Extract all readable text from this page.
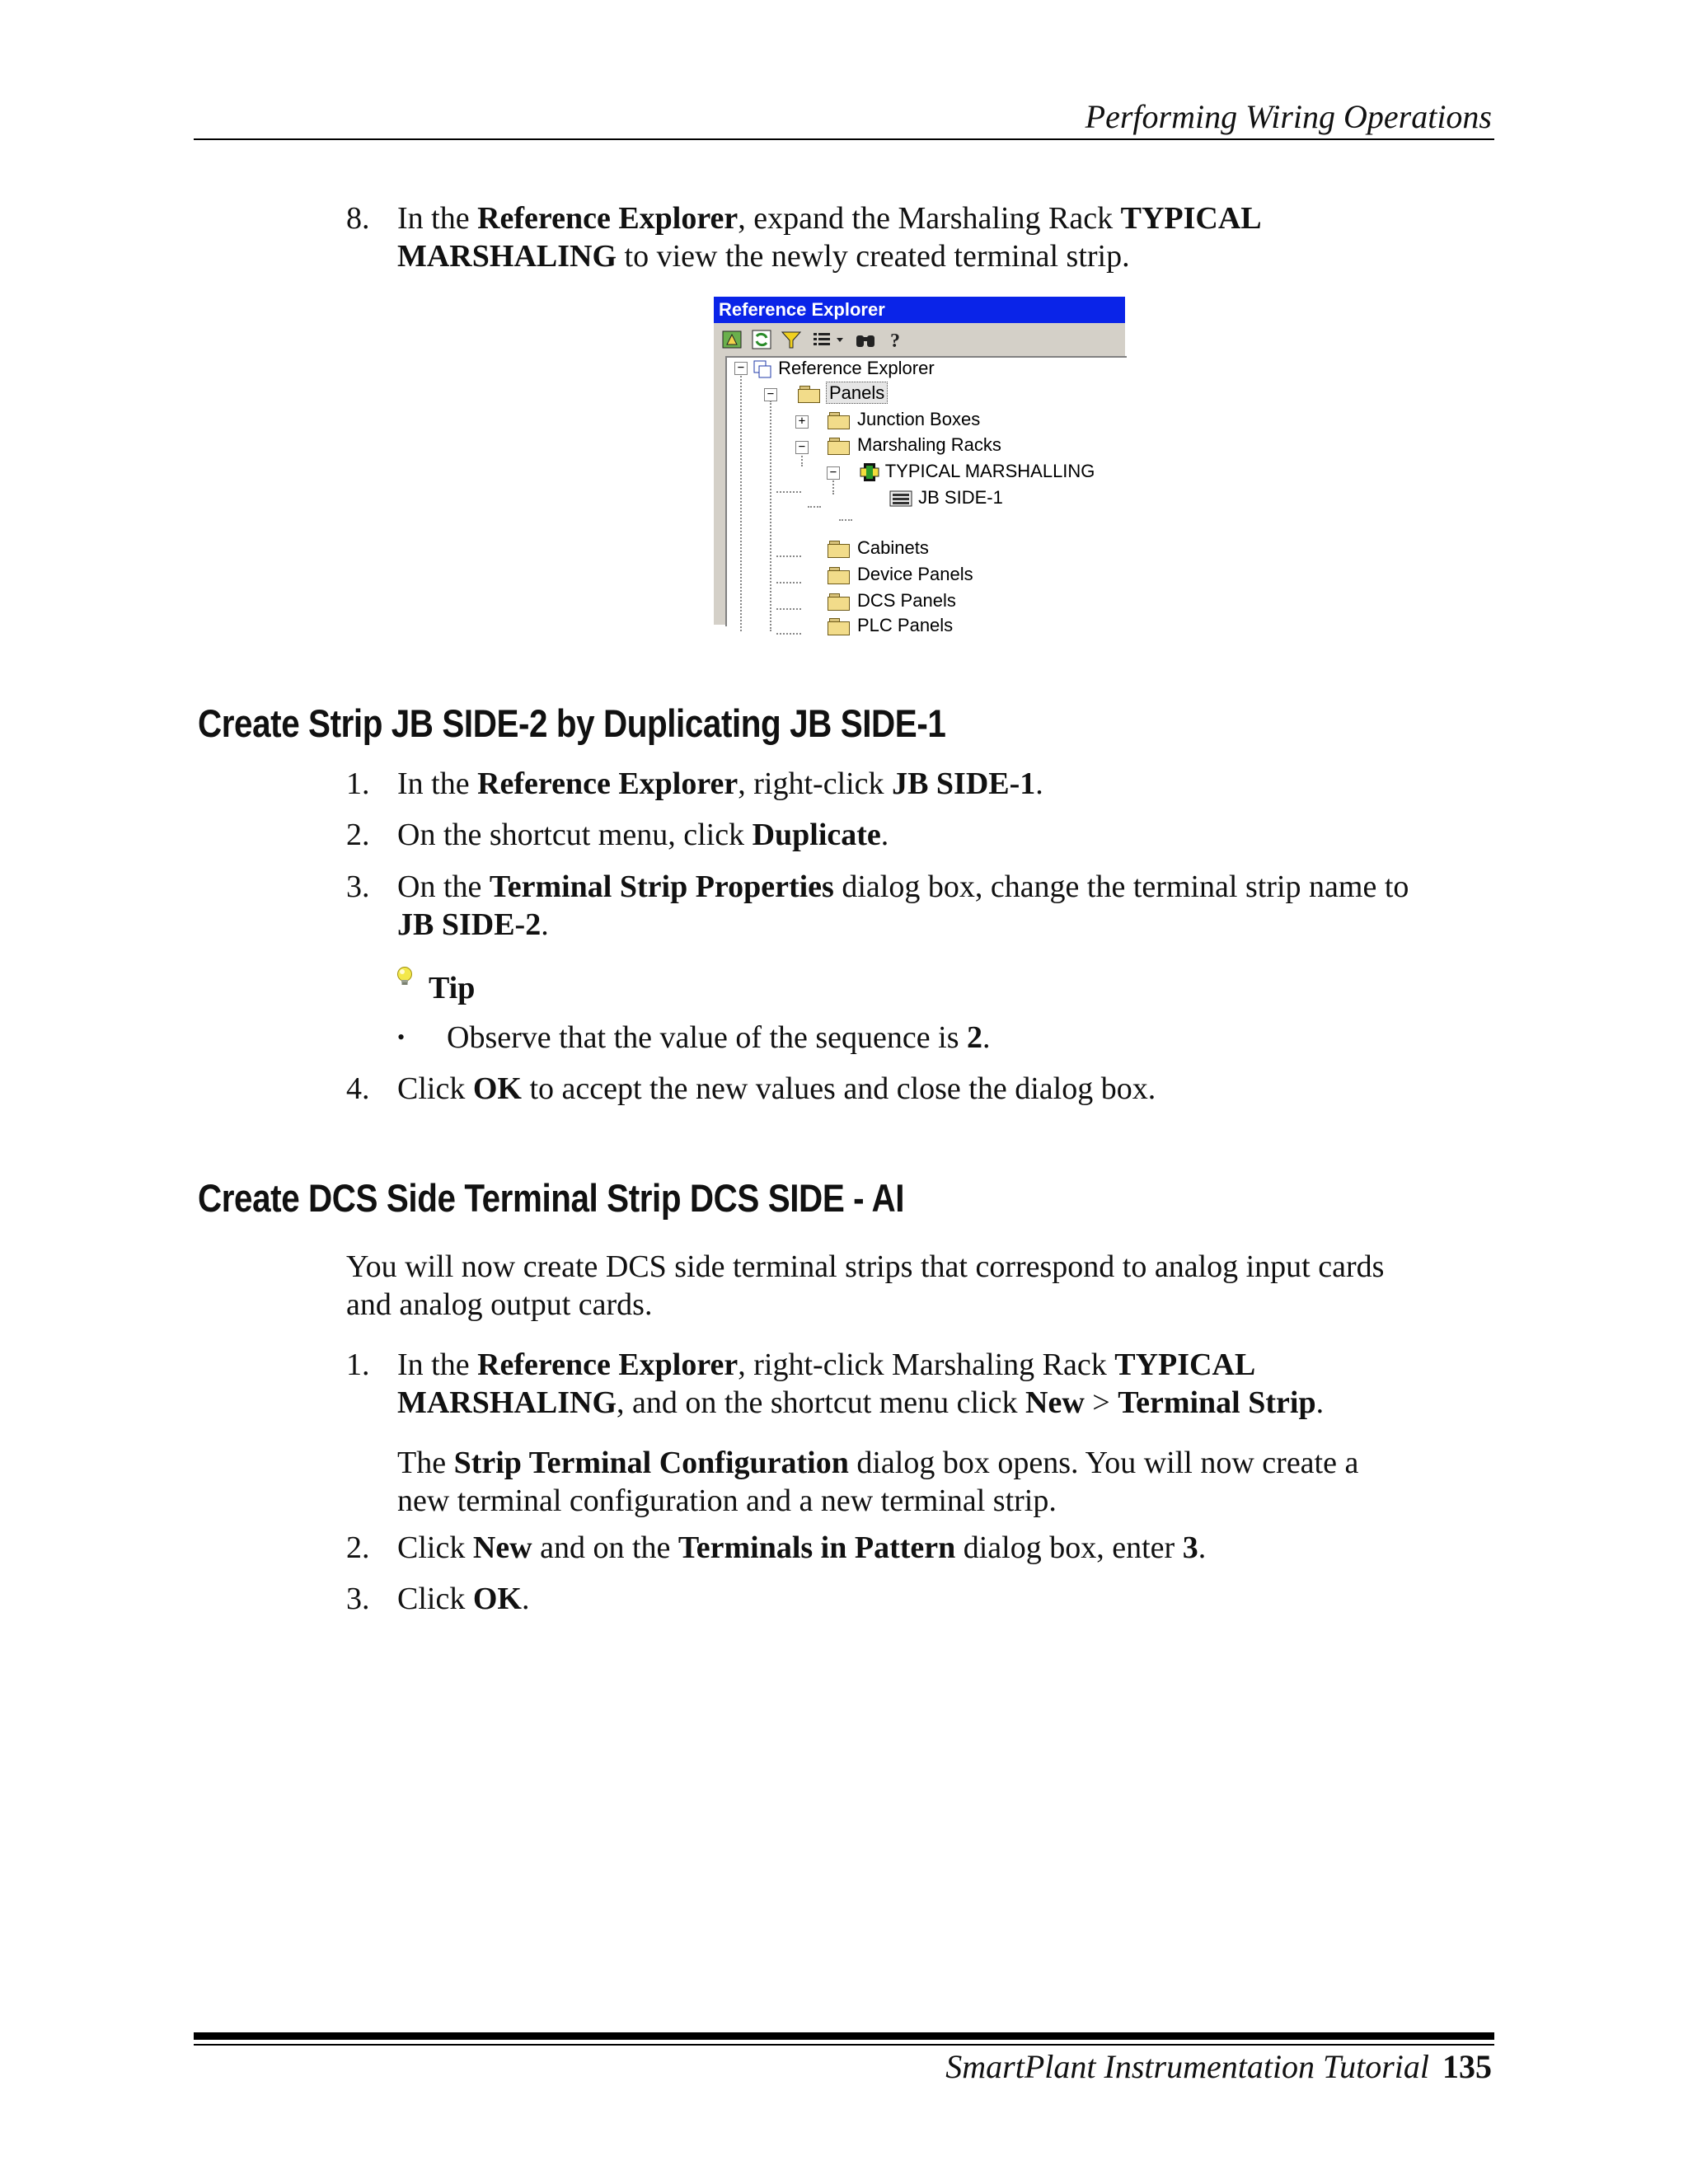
Performing Wiring Operations
8. In the Reference Explorer, expand the Marshaling Rack TYPICAL
MARSHALING to view the newly created terminal strip.
Reference Explorer
?
−	Reference Explorer
−	Panels
+	Junction Boxes
−	Marshaling Racks
−	TYPICAL MARSHALLING
JB SIDE-1
Cabinets
Device Panels
DCS Panels
PLC Panels
Create Strip JB SIDE-2 by Duplicating JB SIDE-1
1. In the Reference Explorer, right-click JB SIDE-1.
2. On the shortcut menu, click Duplicate.
3. On the Terminal Strip Properties dialog box, change the terminal strip name to
JB SIDE-2.
Tip
• Observe that the value of the sequence is 2.
4. Click OK to accept the new values and close the dialog box.
Create DCS Side Terminal Strip DCS SIDE - AI
You will now create DCS side terminal strips that correspond to analog input cards
and analog output cards.
1. In the Reference Explorer, right-click Marshaling Rack TYPICAL
MARSHALING, and on the shortcut menu click New > Terminal Strip.
The Strip Terminal Configuration dialog box opens. You will now create a
new terminal configuration and a new terminal strip.
2. Click New and on the Terminals in Pattern dialog box, enter 3.
3. Click OK.
SmartPlant Instrumentation Tutorial 135
